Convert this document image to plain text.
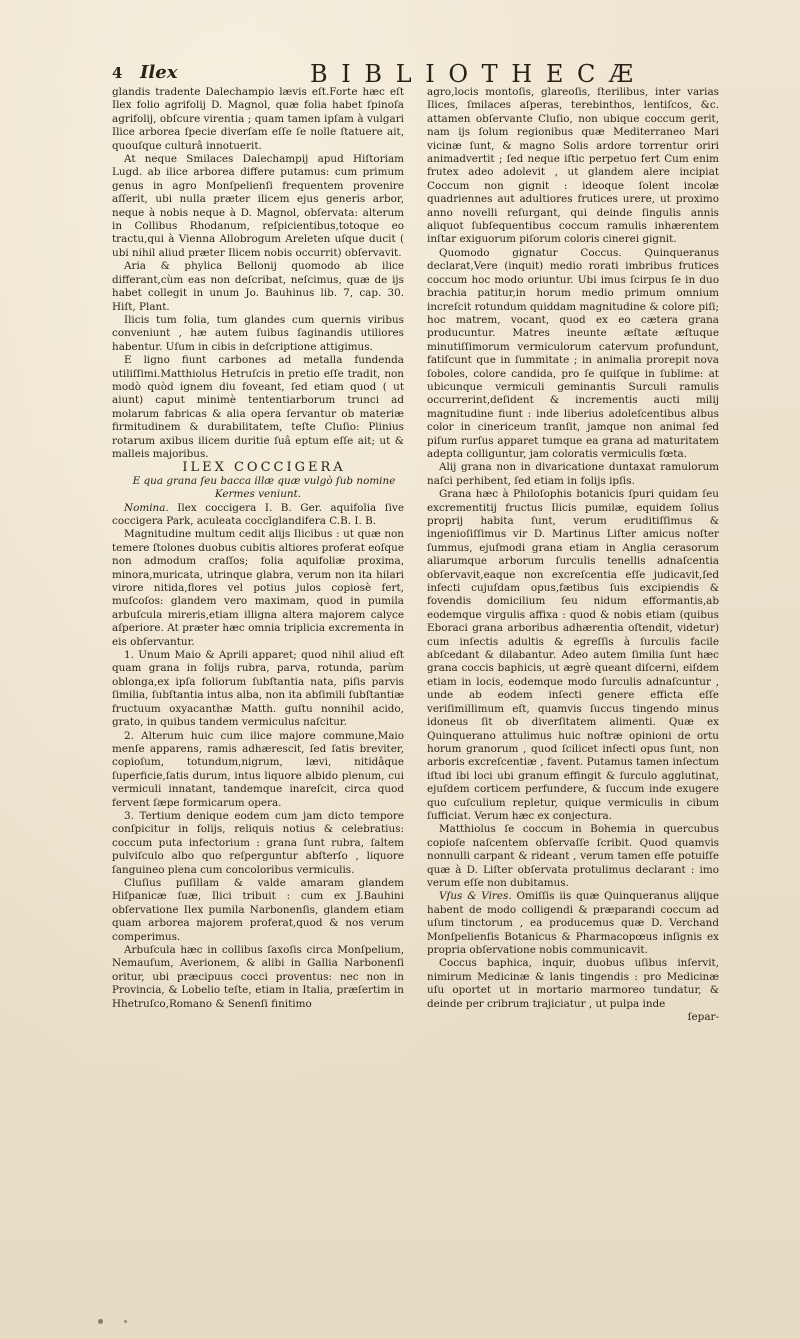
4 Ilex	B I B L I O T H E C Æ

glandis tradente Dalechampio lævis eſt.Forte hæc eſt Ilex folio agrifolij D. Magnol, quæ folia habet ſpinoſa agrifolij, obſcure virentia ; quam tamen ipſam à vulgari Ilice arborea ſpecie diverſam eſſe ſe nolle ſtatuere ait, quouſque culturâ innotuerit.

At neque Smilaces Dalechampij apud Hiſtoriam Lugd. ab ilice arborea differe putamus: cum primum genus in agro Monſpelienſi frequentem provenire aſſerit, ubi nulla præter ilicem ejus generis arbor, neque à nobis neque à D. Magnol, obſervata: alterum in Collibus Rhodanum, reſpicientibus,totoque eo tractu,qui à Vienna Allobrogum Areleten uſque ducit ( ubi nihil aliud præter Ilicem nobis occurrit) obſervavit.

Aria & phylica Bellonij quomodo ab ilice differant,cùm eas non deſcribat, neſcimus, quæ de ijs habet collegit in unum Jo. Bauhinus lib. 7, cap. 30. Hiſt, Plant.

Ilicis tum folia, tum glandes cum quernis viribus conveniunt , hæ autem ſuibus ſaginandis utiliores habentur. Uſum in cibis in deſcriptione attigimus.

E ligno fiunt carbones ad metalla fundenda utiliſſimi.Matthiolus Hetruſcis in pretio eſſe tradit, non modò quòd ignem diu foveant, ſed etiam quod ( ut aiunt) caput minimè tententiarborum trunci ad molarum fabricas & alia opera ſervantur ob materiæ firmitudinem & durabilitatem, teſte Cluſio: Plinius rotarum axibus ilicem duritie ſuâ eptum eſſe ait; ut & malleis majoribus.

ILEX COCCIGERA

E qua grana ſeu bacca illæ quæ vulgò ſub nomine Kermes veniunt.

Nomina. Ilex coccigera I. B. Ger. aquifolia ſive coccigera Park, aculeata coccīglandifera C.B. I. B.

Magnitudine multum cedit alijs Ilicibus : ut quæ non temere ſtolones duobus cubitis altiores proferat eoſque non admodum craſſos; folia aquifoliæ proxima, minora,muricata, utrinque glabra, verum non ita hilari virore nitida,flores vel potius julos copiosè fert, muſcoſos: glandem vero maximam, quod in pumila arbuſcula mireris,etiam illigna altera majorem calyce aſperiore. At præter hæc omnia triplicia excrementa in eis obſervantur.

1. Unum Maio & Aprili apparet; quod nihil aliud eſt quam grana in folijs rubra, parva, rotunda, parùm oblonga,ex ipſa foliorum ſubſtantia nata, piſis parvis ſimilia, ſubſtantia intus alba, non ita abſimili ſubſtantiæ fructuum oxyacanthæ Matth. guſtu nonnihil acido, grato, in quibus tandem vermiculus naſcitur.

2. Alterum huic cum ilice majore commune,Maio menſe apparens, ramis adhærescit, ſed ſatis breviter, copioſum, totundum,nigrum, lævi, nitidâque ſuperficie,ſatis durum, intus liquore albido plenum, cui vermiculi innatant, tandemque inareſcit, circa quod fervent ſæpe formicarum opera.

3. Tertium denique eodem cum jam dicto tempore conſpicitur in folijs, reliquis notius & celebratius: coccum puta infectorium : grana ſunt rubra, ſaltem pulviſculo albo quo reſperguntur abſterſo , liquore ſanguineo plena cum concoloribus vermiculis.

Cluſius puſillam & valde amaram glandem Hiſpanicæ ſuæ, Ilici tribuit : cum ex J.Bauhini obſervatione Ilex pumila Narbonenſis, glandem etiam quam arborea majorem proferat,quod & nos verum comperimus.

Arbuſcula hæc in collibus ſaxoſis circa Monſpelium, Nemauſum, Averionem, & alibi in Gallia Narbonenſi oritur, ubi præcipuus cocci proventus: nec non in Provincia, & Lobelio teſte, etiam in Italia, præſertim in Hhetruſco,Romano & Senenſi finitimo

agro,locis montoſis, glareoſis, ſterilibus, inter varias Ilices, ſmilaces aſperas, terebinthos, lentiſcos, &c. attamen obſervante Cluſio, non ubique coccum gerit, nam ijs ſolum regionibus quæ Mediterraneo Mari vicinæ ſunt, & magno Solis ardore torrentur oriri animadvertit ; ſed neque iſtic perpetuo fert Cum enim frutex adeo adolevit , ut glandem alere incipiat Coccum non gignit : ideoque ſolent incolæ quadriennes aut adultiores frutices urere, ut proximo anno novelli reſurgant, qui deinde ſingulis annis aliquot ſubſequentibus coccum ramulis inhærentem inſtar exiguorum piſorum coloris cinerei gignit.

Quomodo gignatur Coccus. Quinqueranus declarat,Vere (inquit) medio rorati imbribus frutices coccum hoc modo oriuntur. Ubi imus ſcirpus ſe in duo brachia patitur,in horum medio primum omnium increſcit rotundum quiddam magnitudine & colore piſi; hoc matrem, vocant, quod ex eo cætera grana producuntur. Matres ineunte æſtate æſtuque minutiſſimorum vermiculorum catervum profundunt, fatiſcunt que in ſummitate ; in animalia prorepit nova ſoboles, colore candida, pro ſe quiſque in ſublime: at ubicunque vermiculi geminantis Surculi ramulis occurrerint,deſident & incrementis aucti milij magnitudine fiunt : inde liberius adoleſcentibus albus color in cinericeum tranſit, jamque non animal ſed piſum rurſus apparet tumque ea grana ad maturitatem adepta colliguntur, jam coloratis vermiculis fœta.

Alij grana non in divaricatione duntaxat ramulorum naſci perhibent, ſed etiam in folijs ipſis.

Grana hæc à Philoſophis botanicis ſpuri quidam ſeu excrementitij fructus Ilicis pumilæ, equidem ſolius proprij habita ſunt, verum eruditiſſimus & ingenioſiſſimus vir D. Martinus Liſter amicus noſter ſummus, ejuſmodi grana etiam in Anglia cerasorum aliarumque arborum ſurculis tenellis adnaſcentia obſervavit,eaque non excreſcentia eſſe judicavit,ſed infecti cujuſdam opus,fætibus ſuis excipiendis & fovendis domicilium ſeu nidum efformantis,ab eodemque virgulis affixa : quod & nobis etiam (quibus Eboraci grana arboribus adhærentia oſtendit, videtur) cum inſectis adultis & egreſſis à ſurculis facile abſcedant & dilabantur. Adeo autem ſimilia ſunt hæc grana coccis baphicis, ut ægrè queant diſcerni, eiſdem etiam in locis, eodemque modo ſurculis adnaſcuntur , unde ab eodem inſecti genere efficta eſſe veriſimillimum eſt, quamvis ſuccus tingendo minus idoneus ſit ob diverſitatem alimenti. Quæ ex Quinquerano attulimus huic noſtræ opinioni de ortu horum granorum , quod ſcilicet inſecti opus ſunt, non arboris excreſcentiæ , favent. Putamus tamen inſectum iſtud ibi loci ubi granum effingit & ſurculo agglutinat, ejuſdem corticem perfundere, & ſuccum inde exugere quo cuſculium repletur, quique vermiculis in cibum ſufficiat. Verum hæc ex conjectura.

Matthiolus ſe coccum in Bohemia in quercubus copioſe naſcentem obſervaſſe ſcribit. Quod quamvis nonnulli carpant & rideant , verum tamen eſſe potuiſſe quæ à D. Liſter obſervata protulimus declarant : imo verum eſſe non dubitamus.

Vſus & Vires. Omiſſis iis quæ Quinqueranus alijque habent de modo colligendi & præparandi coccum ad uſum tinctorum , ea producemus quæ D. Verchand Monſpelienſis Botanicus & Pharmacopœus inſignis ex propria obſervatione nobis communicavit.

Coccus baphica, inquir, duobus uſibus inſervit, nimirum Medicinæ & lanis tingendis : pro Medicinæ uſu oportet ut in mortario marmoreo tundatur, & deinde per cribrum trajiciatur , ut pulpa inde

ſepar-
